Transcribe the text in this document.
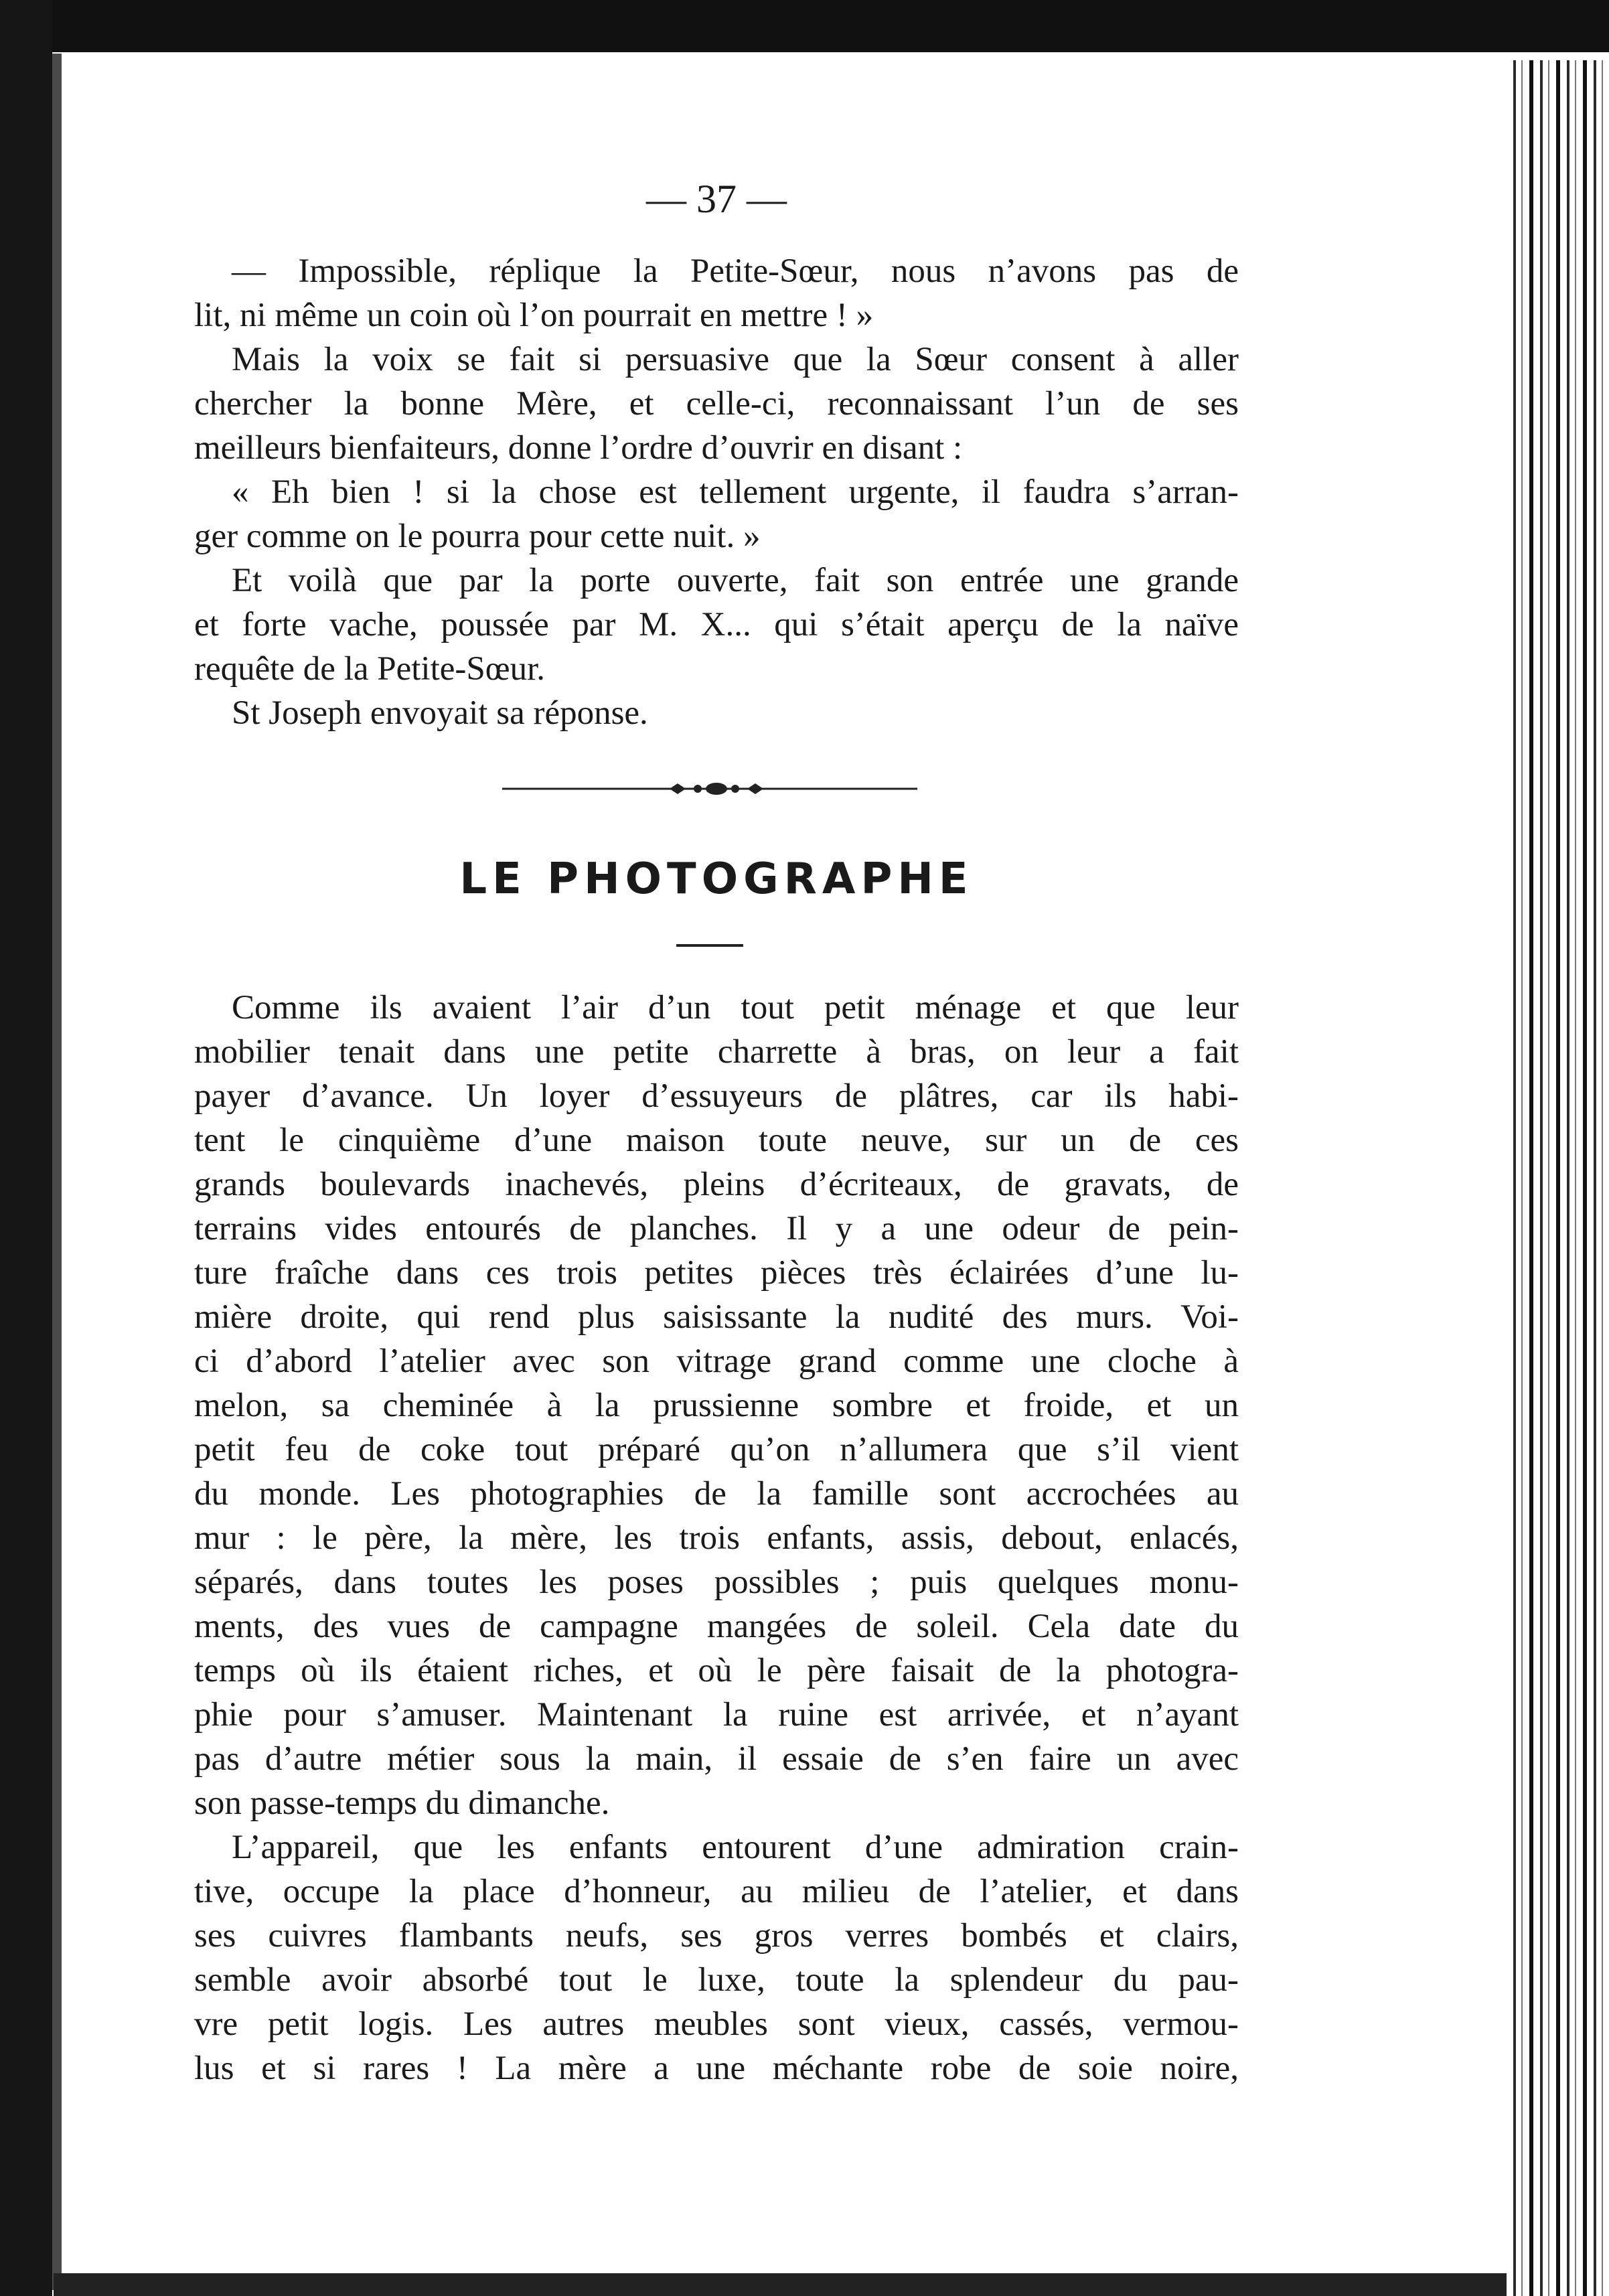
— 37 —
— Impossible, réplique la Petite-Sœur, nous n’avons pas de
lit, ni même un coin où l’on pourrait en mettre ! »
Mais la voix se fait si persuasive que la Sœur consent à aller
chercher la bonne Mère, et celle-ci, reconnaissant l’un de ses
meilleurs bienfaiteurs, donne l’ordre d’ouvrir en disant :
« Eh bien ! si la chose est tellement urgente, il faudra s’arran-
ger comme on le pourra pour cette nuit. »
Et voilà que par la porte ouverte, fait son entrée une grande
et forte vache, poussée par M. X... qui s’était aperçu de la naïve
requête de la Petite-Sœur.
St Joseph envoyait sa réponse.
LE PHOTOGRAPHE
Comme ils avaient l’air d’un tout petit ménage et que leur
mobilier tenait dans une petite charrette à bras, on leur a fait
payer d’avance. Un loyer d’essuyeurs de plâtres, car ils habi-
tent le cinquième d’une maison toute neuve, sur un de ces
grands boulevards inachevés, pleins d’écriteaux, de gravats, de
terrains vides entourés de planches. Il y a une odeur de pein-
ture fraîche dans ces trois petites pièces très éclairées d’une lu-
mière droite, qui rend plus saisissante la nudité des murs. Voi-
ci d’abord l’atelier avec son vitrage grand comme une cloche à
melon, sa cheminée à la prussienne sombre et froide, et un
petit feu de coke tout préparé qu’on n’allumera que s’il vient
du monde. Les photographies de la famille sont accrochées au
mur : le père, la mère, les trois enfants, assis, debout, enlacés,
séparés, dans toutes les poses possibles ; puis quelques monu-
ments, des vues de campagne mangées de soleil. Cela date du
temps où ils étaient riches, et où le père faisait de la photogra-
phie pour s’amuser. Maintenant la ruine est arrivée, et n’ayant
pas d’autre métier sous la main, il essaie de s’en faire un avec
son passe-temps du dimanche.
L’appareil, que les enfants entourent d’une admiration crain-
tive, occupe la place d’honneur, au milieu de l’atelier, et dans
ses cuivres flambants neufs, ses gros verres bombés et clairs,
semble avoir absorbé tout le luxe, toute la splendeur du pau-
vre petit logis. Les autres meubles sont vieux, cassés, vermou-
lus et si rares ! La mère a une méchante robe de soie noire,
